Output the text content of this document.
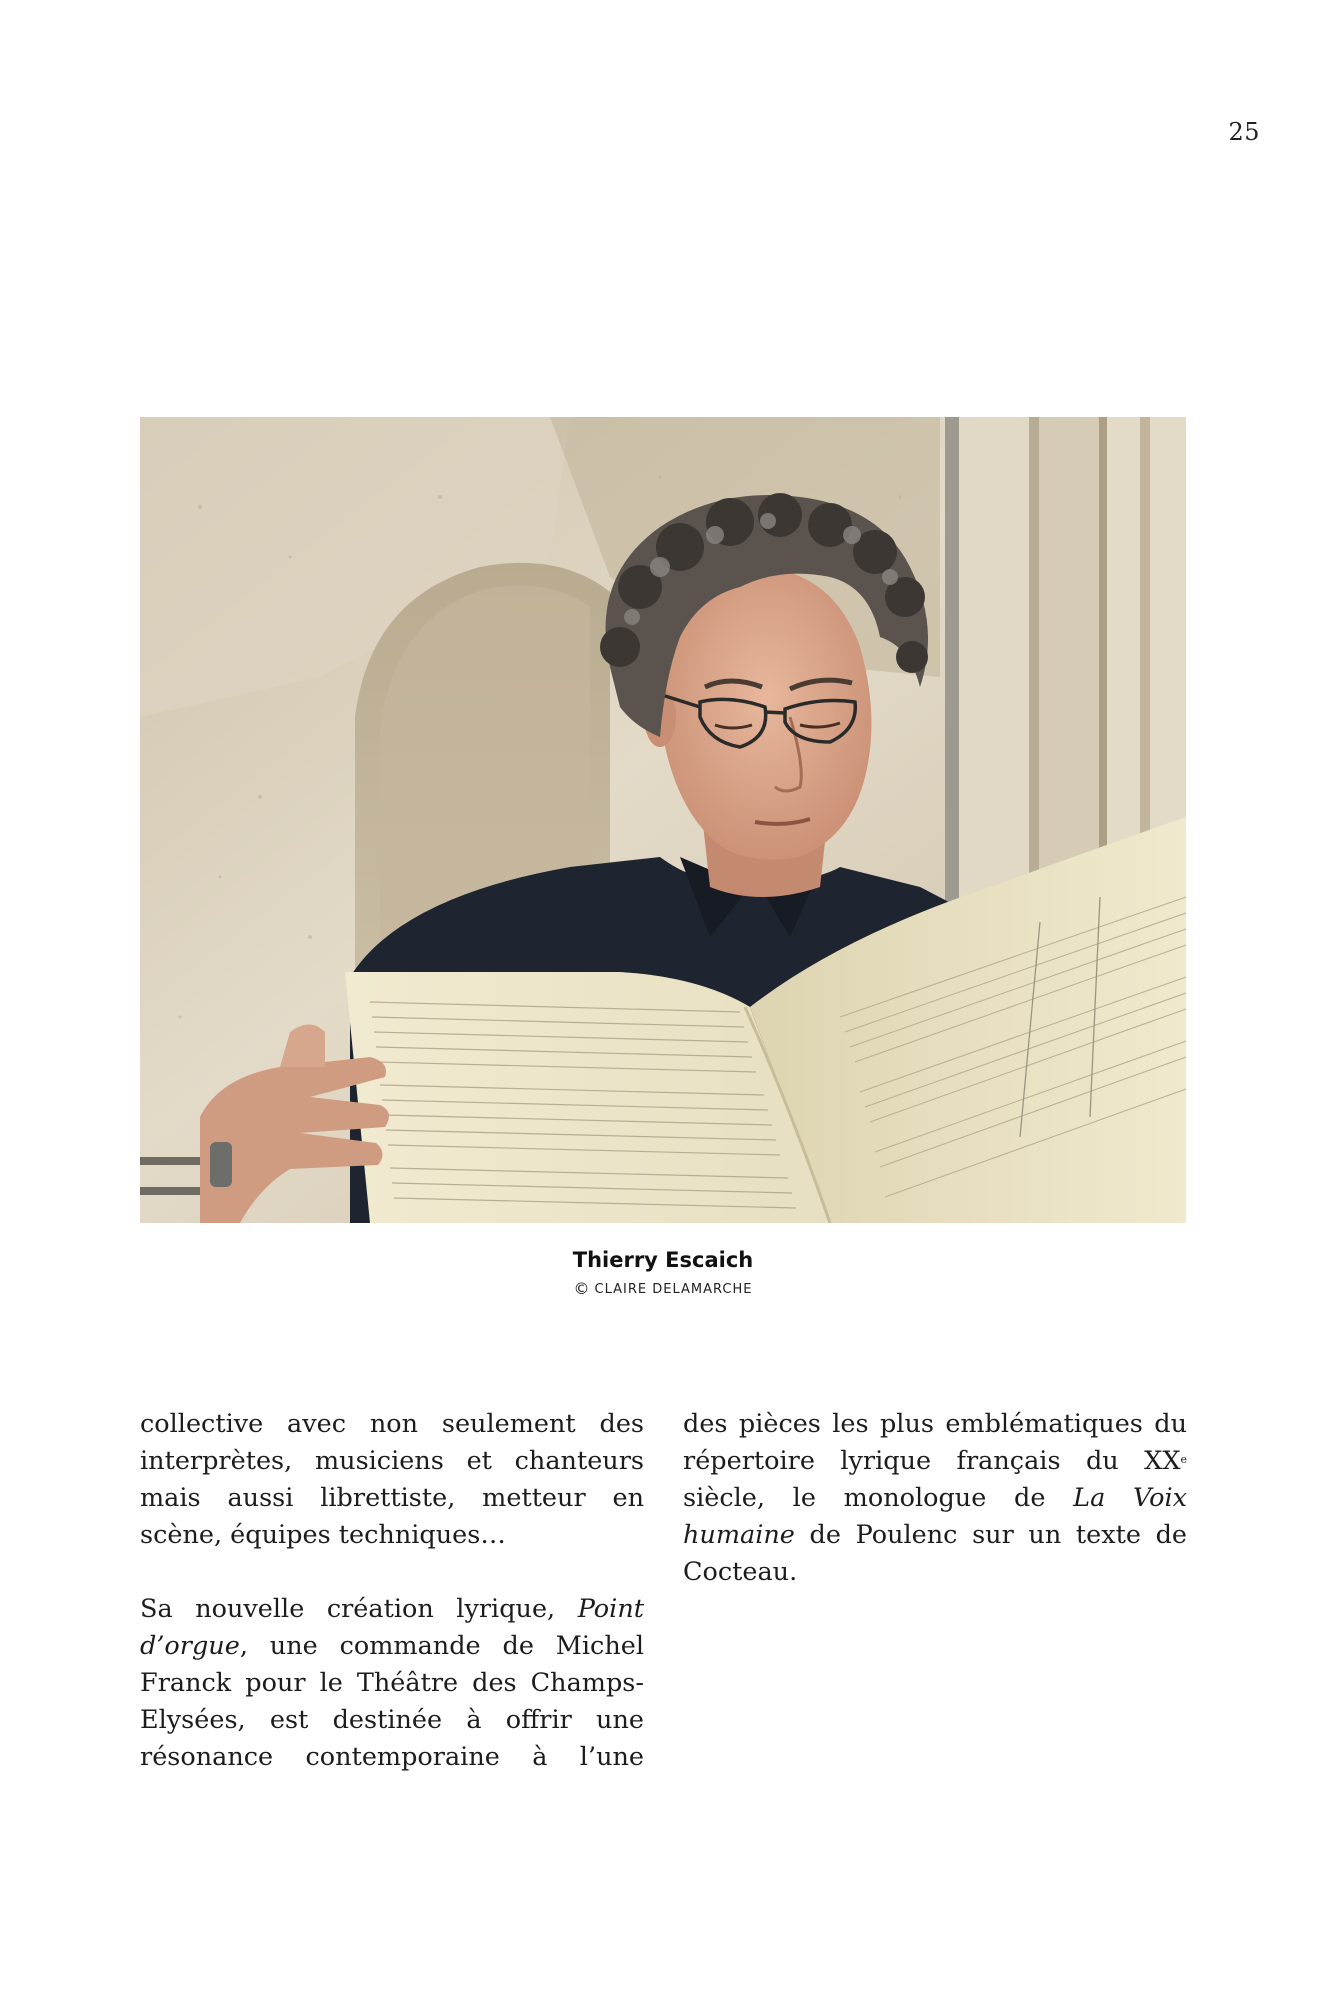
25
Thierry Escaich
© CLAIRE DELAMARCHE

collective avec non seulement des interprètes, musiciens et chanteurs mais aussi librettiste, metteur en scène, équipes techniques…

Sa nouvelle création lyrique, Point d’orgue, une commande de Michel Franck pour le Théâtre des Champs-Elysées, est destinée à offrir une résonance contemporaine à l’une

des pièces les plus emblématiques du répertoire lyrique français du XXe siècle, le monologue de La Voix humaine de Poulenc sur un texte de Cocteau.
